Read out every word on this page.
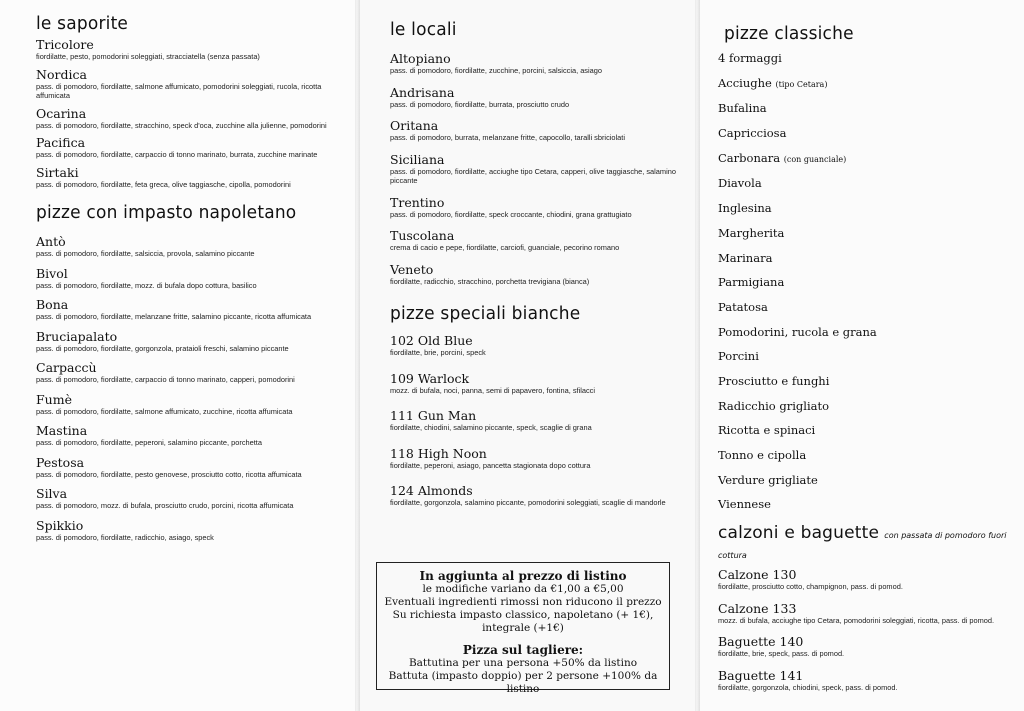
le saporite
Tricolore
fiordilatte, pesto, pomodorini soleggiati, stracciatella (senza passata)
Nordica
pass. di pomodoro, fiordilatte, salmone affumicato, pomodorini soleggiati, rucola, ricotta affumicata
Ocarina
pass. di pomodoro, fiordilatte, stracchino, speck d'oca, zucchine alla julienne, pomodorini
Pacifica
pass. di pomodoro, fiordilatte, carpaccio di tonno marinato, burrata, zucchine marinate
Sirtaki
pass. di pomodoro, fiordilatte, feta greca, olive taggiasche, cipolla, pomodorini
pizze con impasto napoletano
Antò
pass. di pomodoro, fiordilatte, salsiccia, provola, salamino piccante
Bivol
pass. di pomodoro, fiordilatte, mozz. di bufala dopo cottura, basilico
Bona
pass. di pomodoro, fiordilatte, melanzane fritte, salamino piccante, ricotta affumicata
Bruciapalato
pass. di pomodoro, fiordilatte, gorgonzola, prataioli freschi, salamino piccante
Carpaccù
pass. di pomodoro, fiordilatte, carpaccio di tonno marinato, capperi, pomodorini
Fumè
pass. di pomodoro, fiordilatte, salmone affumicato, zucchine, ricotta affumicata
Mastina
pass. di pomodoro, fiordilatte, peperoni, salamino piccante, porchetta
Pestosa
pass. di pomodoro, fiordilatte, pesto genovese, prosciutto cotto, ricotta affumicata
Silva
pass. di pomodoro, mozz. di bufala, prosciutto crudo, porcini, ricotta affumicata
Spikkio
pass. di pomodoro, fiordilatte, radicchio, asiago, speck
le locali
Altopiano
pass. di pomodoro, fiordilatte, zucchine, porcini, salsiccia, asiago
Andrisana
pass. di pomodoro, fiordilatte, burrata, prosciutto crudo
Oritana
pass. di pomodoro, burrata, melanzane fritte, capocollo, taralli sbriciolati
Siciliana
pass. di pomodoro, fiordilatte, acciughe tipo Cetara, capperi, olive taggiasche, salamino piccante
Trentino
pass. di pomodoro, fiordilatte, speck croccante, chiodini, grana grattugiato
Tuscolana
crema di cacio e pepe, fiordilatte, carciofi, guanciale, pecorino romano
Veneto
fiordilatte, radicchio, stracchino, porchetta trevigiana (bianca)
pizze speciali bianche
102 Old Blue
fiordilatte, brie, porcini, speck
109 Warlock
mozz. di bufala, noci, panna, semi di papavero, fontina, sfilacci
111 Gun Man
fiordilatte, chiodini, salamino piccante, speck, scaglie di grana
118 High Noon
fiordilatte, peperoni, asiago, pancetta stagionata dopo cottura
124 Almonds
fiordilatte, gorgonzola, salamino piccante, pomodorini soleggiati, scaglie di mandorle
In aggiunta al prezzo di listino
le modifiche variano da €1,00 a €5,00
Eventuali ingredienti rimossi non riducono il prezzo
Su richiesta impasto classico, napoletano (+ 1€), integrale (+1€)
Pizza sul tagliere:
Battutina per una persona +50% da listino
Battuta (impasto doppio) per 2 persone +100% da listino
pizze classiche
4 formaggi
Acciughe (tipo Cetara)
Bufalina
Capricciosa
Carbonara (con guanciale)
Diavola
Inglesina
Margherita
Marinara
Parmigiana
Patatosa
Pomodorini, rucola e grana
Porcini
Prosciutto e funghi
Radicchio grigliato
Ricotta e spinaci
Tonno e cipolla
Verdure grigliate
Viennese
calzoni e baguette con passata di pomodoro fuori cottura
Calzone 130
fiordilatte, prosciutto cotto, champignon, pass. di pomod.
Calzone 133
mozz. di bufala, acciughe tipo Cetara, pomodorini soleggiati, ricotta, pass. di pomod.
Baguette 140
fiordilatte, brie, speck, pass. di pomod.
Baguette 141
fiordilatte, gorgonzola, chiodini, speck, pass. di pomod.
